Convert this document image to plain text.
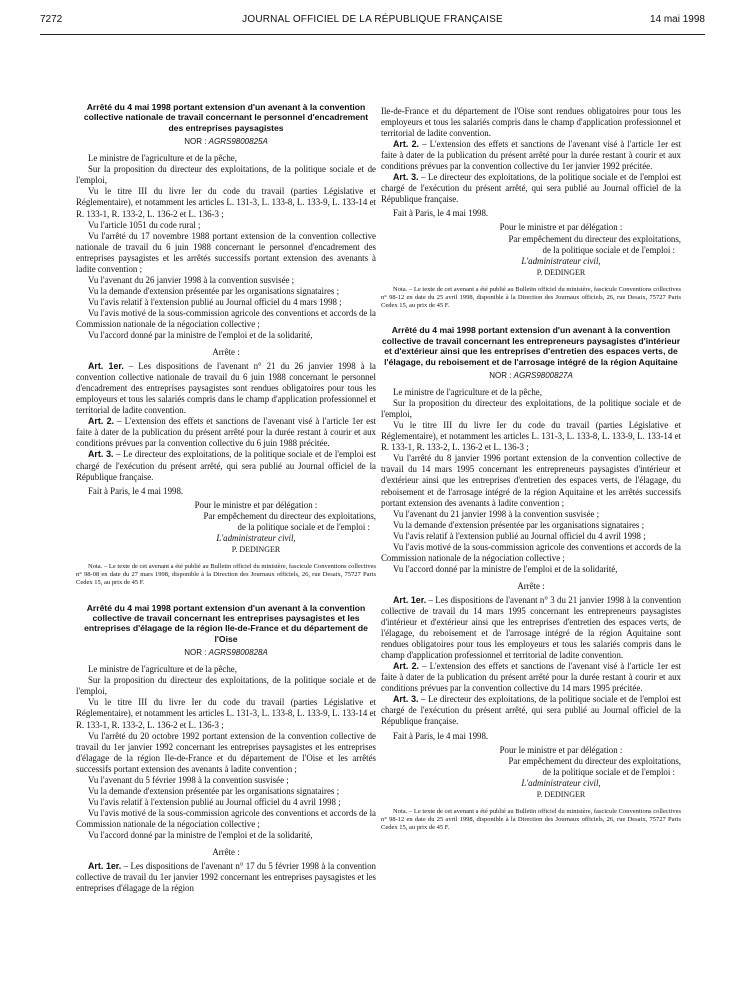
7272	JOURNAL OFFICIEL DE LA RÉPUBLIQUE FRANÇAISE	14 mai 1998
Arrêté du 4 mai 1998 portant extension d'un avenant à la convention collective nationale de travail concernant le personnel d'encadrement des entreprises paysagistes
NOR : AGRS9800825A

Le ministre de l'agriculture et de la pêche,

Sur la proposition du directeur des exploitations, de la politique sociale et de l'emploi,

Vu le titre III du livre Ier du code du travail (parties Législative et Réglementaire), et notamment les articles L. 131-3, L. 133-8, L. 133-9, L. 133-14 et R. 133-1, R. 133-2, L. 136-2 et L. 136-3 ;

Vu l'article 1051 du code rural ;

Vu l'arrêté du 17 novembre 1988 portant extension de la convention collective nationale de travail du 6 juin 1988 concernant le personnel d'encadrement des entreprises paysagistes et les arrêtés successifs portant extension des avenants à ladite convention ;

Vu l'avenant du 26 janvier 1998 à la convention susvisée ;

Vu la demande d'extension présentée par les organisations signataires ;

Vu l'avis relatif à l'extension publié au Journal officiel du 4 mars 1998 ;

Vu l'avis motivé de la sous-commission agricole des conventions et accords de la Commission nationale de la négociation collective ;

Vu l'accord donné par la ministre de l'emploi et de la solidarité,

Arrête :

Art. 1er. – Les dispositions de l'avenant n° 21 du 26 janvier 1998 à la convention collective nationale de travail du 6 juin 1988 concernant le personnel d'encadrement des entreprises paysagistes sont rendues obligatoires pour tous les employeurs et tous les salariés compris dans le champ d'application professionnel et territorial de ladite convention.

Art. 2. – L'extension des effets et sanctions de l'avenant visé à l'article 1er est faite à dater de la publication du présent arrêté pour la durée restant à courir et aux conditions prévues par la convention collective du 6 juin 1988 précitée.

Art. 3. – Le directeur des exploitations, de la politique sociale et de l'emploi est chargé de l'exécution du présent arrêté, qui sera publié au Journal officiel de la République française.

Fait à Paris, le 4 mai 1998.

Pour le ministre et par délégation :

Par empêchement du directeur des exploitations,

de la politique sociale et de l'emploi :

L'administrateur civil,

P. DEDINGER

Nota. – Le texte de cet avenant a été publié au Bulletin officiel du ministère, fascicule Conventions collectives n° 98-08 en date du 27 mars 1998, disponible à la Direction des Journaux officiels, 26, rue Desaix, 75727 Paris Cedex 15, au prix de 45 F.

Arrêté du 4 mai 1998 portant extension d'un avenant à la convention collective de travail concernant les entreprises paysagistes et les entreprises d'élagage de la région Ile-de-France et du département de l'Oise
NOR : AGRS9800828A

Le ministre de l'agriculture et de la pêche,

Sur la proposition du directeur des exploitations, de la politique sociale et de l'emploi,

Vu le titre III du livre Ier du code du travail (parties Législative et Réglementaire), et notamment les articles L. 131-3, L. 133-8, L. 133-9, L. 133-14 et R. 133-1, R. 133-2, L. 136-2 et L. 136-3 ;

Vu l'arrêté du 20 octobre 1992 portant extension de la convention collective de travail du 1er janvier 1992 concernant les entreprises paysagistes et les entreprises d'élagage de la région Ile-de-France et du département de l'Oise et les arrêtés successifs portant extension des avenants à ladite convention ;

Vu l'avenant du 5 février 1998 à la convention susvisée ;

Vu la demande d'extension présentée par les organisations signataires ;

Vu l'avis relatif à l'extension publié au Journal officiel du 4 avril 1998 ;

Vu l'avis motivé de la sous-commission agricole des conventions et accords de la Commission nationale de la négociation collective ;

Vu l'accord donné par la ministre de l'emploi et de la solidarité,

Arrête :

Art. 1er. – Les dispositions de l'avenant n° 17 du 5 février 1998 à la convention collective de travail du 1er janvier 1992 concernant les entreprises paysagistes et les entreprises d'élagage de la région

Ile-de-France et du département de l'Oise sont rendues obligatoires pour tous les employeurs et tous les salariés compris dans le champ d'application professionnel et territorial de ladite convention.

Art. 2. – L'extension des effets et sanctions de l'avenant visé à l'article 1er est faite à dater de la publication du présent arrêté pour la durée restant à courir et aux conditions prévues par la convention collective du 1er janvier 1992 précitée.

Art. 3. – Le directeur des exploitations, de la politique sociale et de l'emploi est chargé de l'exécution du présent arrêté, qui sera publié au Journal officiel de la République française.

Fait à Paris, le 4 mai 1998.

Pour le ministre et par délégation :

Par empêchement du directeur des exploitations,

de la politique sociale et de l'emploi :

L'administrateur civil,

P. DEDINGER

Nota. – Le texte de cet avenant a été publié au Bulletin officiel du ministère, fascicule Conventions collectives n° 98-12 en date du 25 avril 1998, disponible à la Direction des Journaux officiels, 26, rue Desaix, 75727 Paris Cedex 15, au prix de 45 F.

Arrêté du 4 mai 1998 portant extension d'un avenant à la convention collective de travail concernant les entrepreneurs paysagistes d'intérieur et d'extérieur ainsi que les entreprises d'entretien des espaces verts, de l'élagage, du reboisement et de l'arrosage intégré de la région Aquitaine
NOR : AGRS9800827A

Le ministre de l'agriculture et de la pêche,

Sur la proposition du directeur des exploitations, de la politique sociale et de l'emploi,

Vu le titre III du livre Ier du code du travail (parties Législative et Réglementaire), et notamment les articles L. 131-3, L. 133-8, L. 133-9, L. 133-14 et R. 133-1, R. 133-2, L. 136-2 et L. 136-3 ;

Vu l'arrêté du 8 janvier 1996 portant extension de la convention collective de travail du 14 mars 1995 concernant les entrepreneurs paysagistes d'intérieur et d'extérieur ainsi que les entreprises d'entretien des espaces verts, de l'élagage, du reboisement et de l'arrosage intégré de la région Aquitaine et les arrêtés successifs portant extension des avenants à ladite convention ;

Vu l'avenant du 21 janvier 1998 à la convention susvisée ;

Vu la demande d'extension présentée par les organisations signataires ;

Vu l'avis relatif à l'extension publié au Journal officiel du 4 avril 1998 ;

Vu l'avis motivé de la sous-commission agricole des conventions et accords de la Commission nationale de la négociation collective ;

Vu l'accord donné par la ministre de l'emploi et de la solidarité,

Arrête :

Art. 1er. – Les dispositions de l'avenant n° 3 du 21 janvier 1998 à la convention collective de travail du 14 mars 1995 concernant les entrepreneurs paysagistes d'intérieur et d'extérieur ainsi que les entreprises d'entretien des espaces verts, de l'élagage, du reboisement et de l'arrosage intégré de la région Aquitaine sont rendues obligatoires pour tous les employeurs et tous les salariés compris dans le champ d'application professionnel et territorial de ladite convention.

Art. 2. – L'extension des effets et sanctions de l'avenant visé à l'article 1er est faite à dater de la publication du présent arrêté pour la durée restant à courir et aux conditions prévues par la convention collective du 14 mars 1995 précitée.

Art. 3. – Le directeur des exploitations, de la politique sociale et de l'emploi est chargé de l'exécution du présent arrêté, qui sera publié au Journal officiel de la République française.

Fait à Paris, le 4 mai 1998.

Pour le ministre et par délégation :

Par empêchement du directeur des exploitations,

de la politique sociale et de l'emploi :

L'administrateur civil,

P. DEDINGER

Nota. – Le texte de cet avenant a été publié au Bulletin officiel du ministère, fascicule Conventions collectives n° 98-12 en date du 25 avril 1998, disponible à la Direction des Journaux officiels, 26, rue Desaix, 75727 Paris Cedex 15, au prix de 45 F.
